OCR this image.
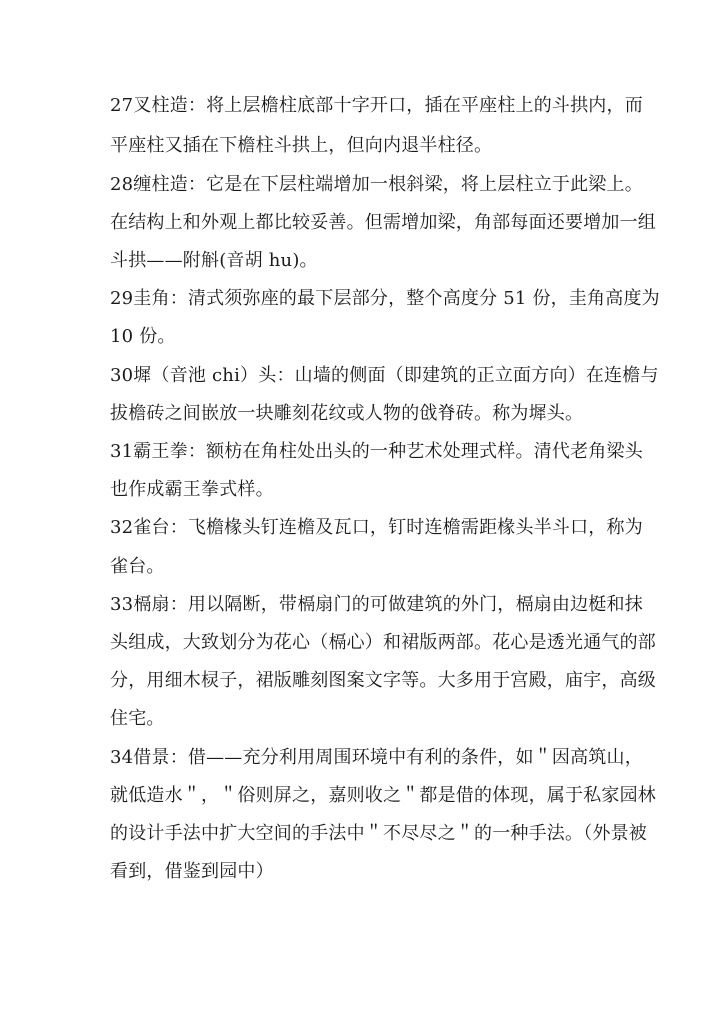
27叉柱造：将上层檐柱底部十字开口，插在平座柱上的斗拱内，而
平座柱又插在下檐柱斗拱上，但向内退半柱径。
28缠柱造：它是在下层柱端增加一根斜梁，将上层柱立于此梁上。
在结构上和外观上都比较妥善。但需增加梁，角部每面还要增加一组
斗拱——附斛(音胡 hu)。
29圭角：清式须弥座的最下层部分，整个高度分 51 份，圭角高度为
10 份。
30墀（音池 chi）头：山墙的侧面（即建筑的正立面方向）在连檐与
拔檐砖之间嵌放一块雕刻花纹或人物的戗脊砖。称为墀头。
31霸王拳：额枋在角柱处出头的一种艺术处理式样。清代老角梁头
也作成霸王拳式样。
32雀台：飞檐椽头钉连檐及瓦口，钉时连檐需距椽头半斗口，称为
雀台。
33槅扇：用以隔断，带槅扇门的可做建筑的外门，槅扇由边梃和抹
头组成，大致划分为花心（槅心）和裙版两部。花心是透光通气的部
分，用细木棂子，裙版雕刻图案文字等。大多用于宫殿，庙宇，高级
住宅。
34借景：借——充分利用周围环境中有利的条件，如＂因高筑山，
就低造水＂，＂俗则屏之，嘉则收之＂都是借的体现，属于私家园林
的设计手法中扩大空间的手法中＂不尽尽之＂的一种手法。（外景被
看到，借鉴到园中）
